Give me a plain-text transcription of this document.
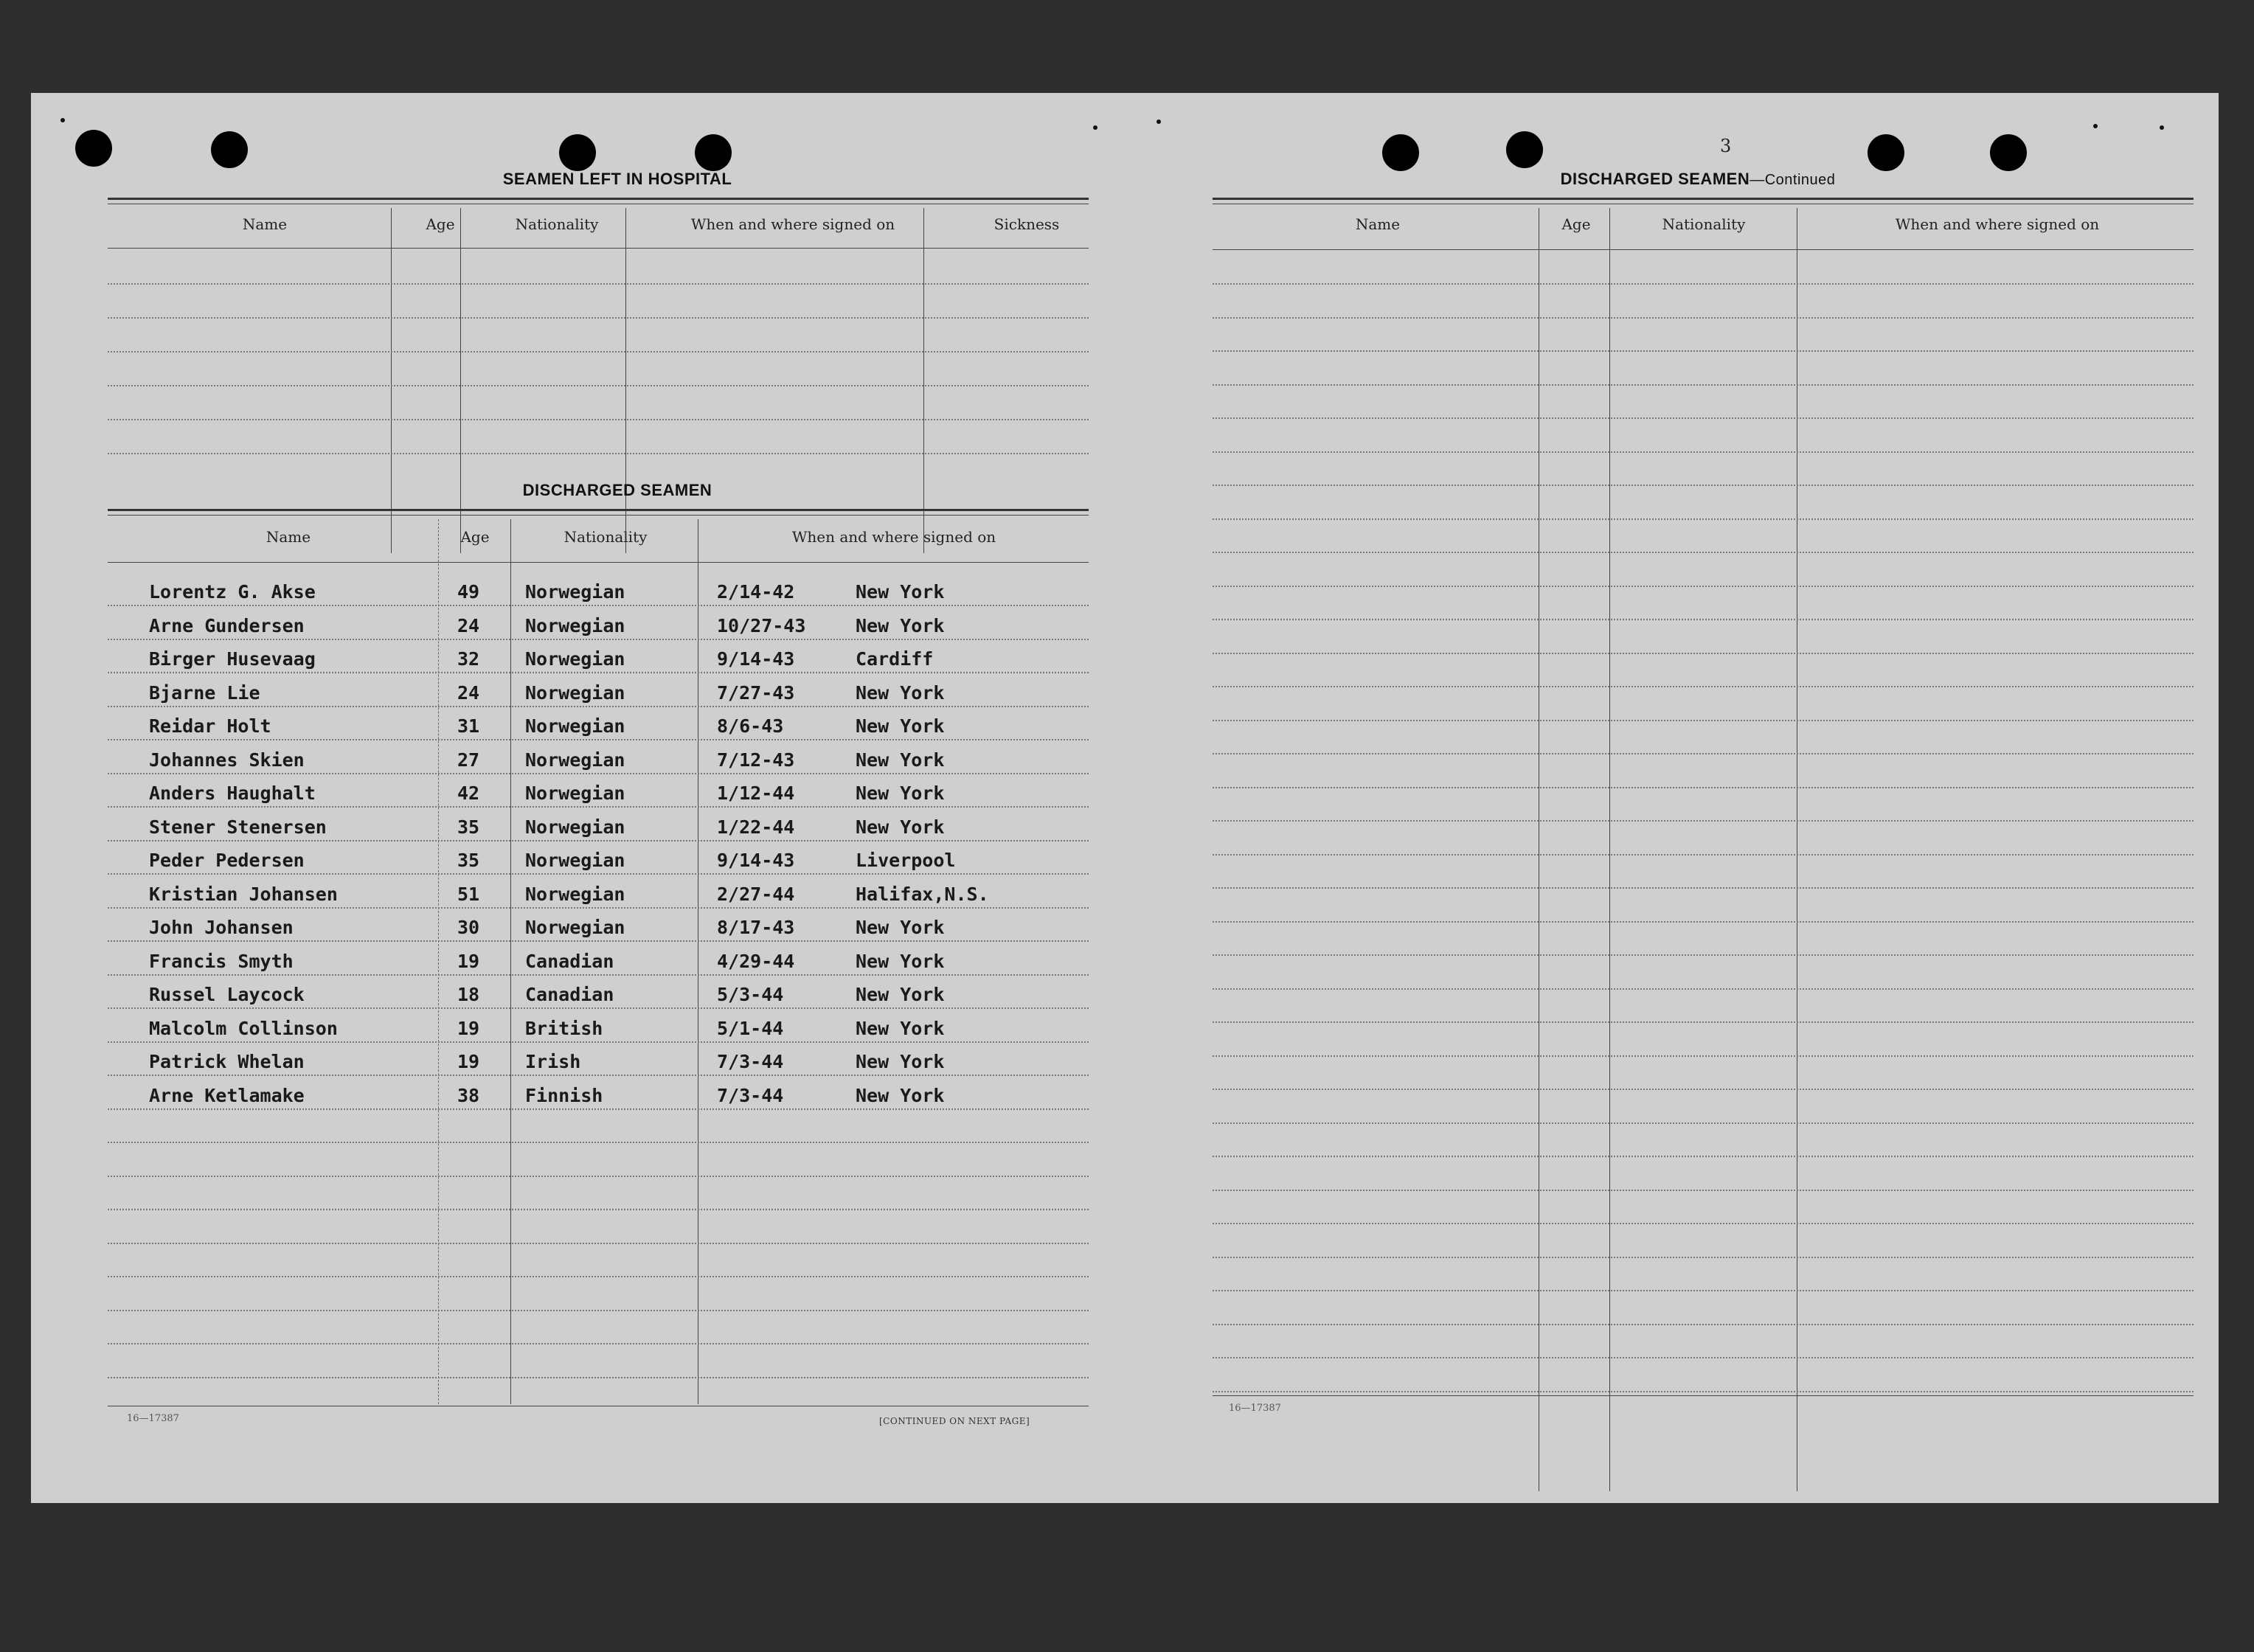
SEAMEN LEFT IN HOSPITAL
Name	Age	Nationality	When and where signed on	Sickness
DISCHARGED SEAMEN
Name	Age	Nationality	When and where signed on
Lorentz G. Akse	49 Norwegian	2/14-42	New York
Arne Gundersen	24 Norwegian	10/27-43	New York
Birger Husevaag	32 Norwegian	9/14-43	Cardiff
Bjarne Lie	24 Norwegian	7/27-43	New York
Reidar Holt	31 Norwegian	8/6-43	New York
Johannes Skien	27 Norwegian	7/12-43	New York
Anders Haughalt	42 Norwegian	1/12-44	New York
Stener Stenersen	35 Norwegian	1/22-44	New York
Peder Pedersen	35 Norwegian	9/14-43	Liverpool
Kristian Johansen	51 Norwegian	2/27-44	Halifax,N.S.
John Johansen	30 Norwegian	8/17-43	New York
Francis Smyth	19 Canadian	4/29-44	New York
Russel Laycock	18 Canadian	5/3-44	New York
Malcolm Collinson	19 British	5/1-44	New York
Patrick Whelan	19 Irish	7/3-44	New York
Arne Ketlamake	38 Finnish	7/3-44	New York
16—17387	[CONTINUED ON NEXT PAGE]
3
DISCHARGED SEAMEN—Continued
Name	Age	Nationality	When and where signed on
16—17387
